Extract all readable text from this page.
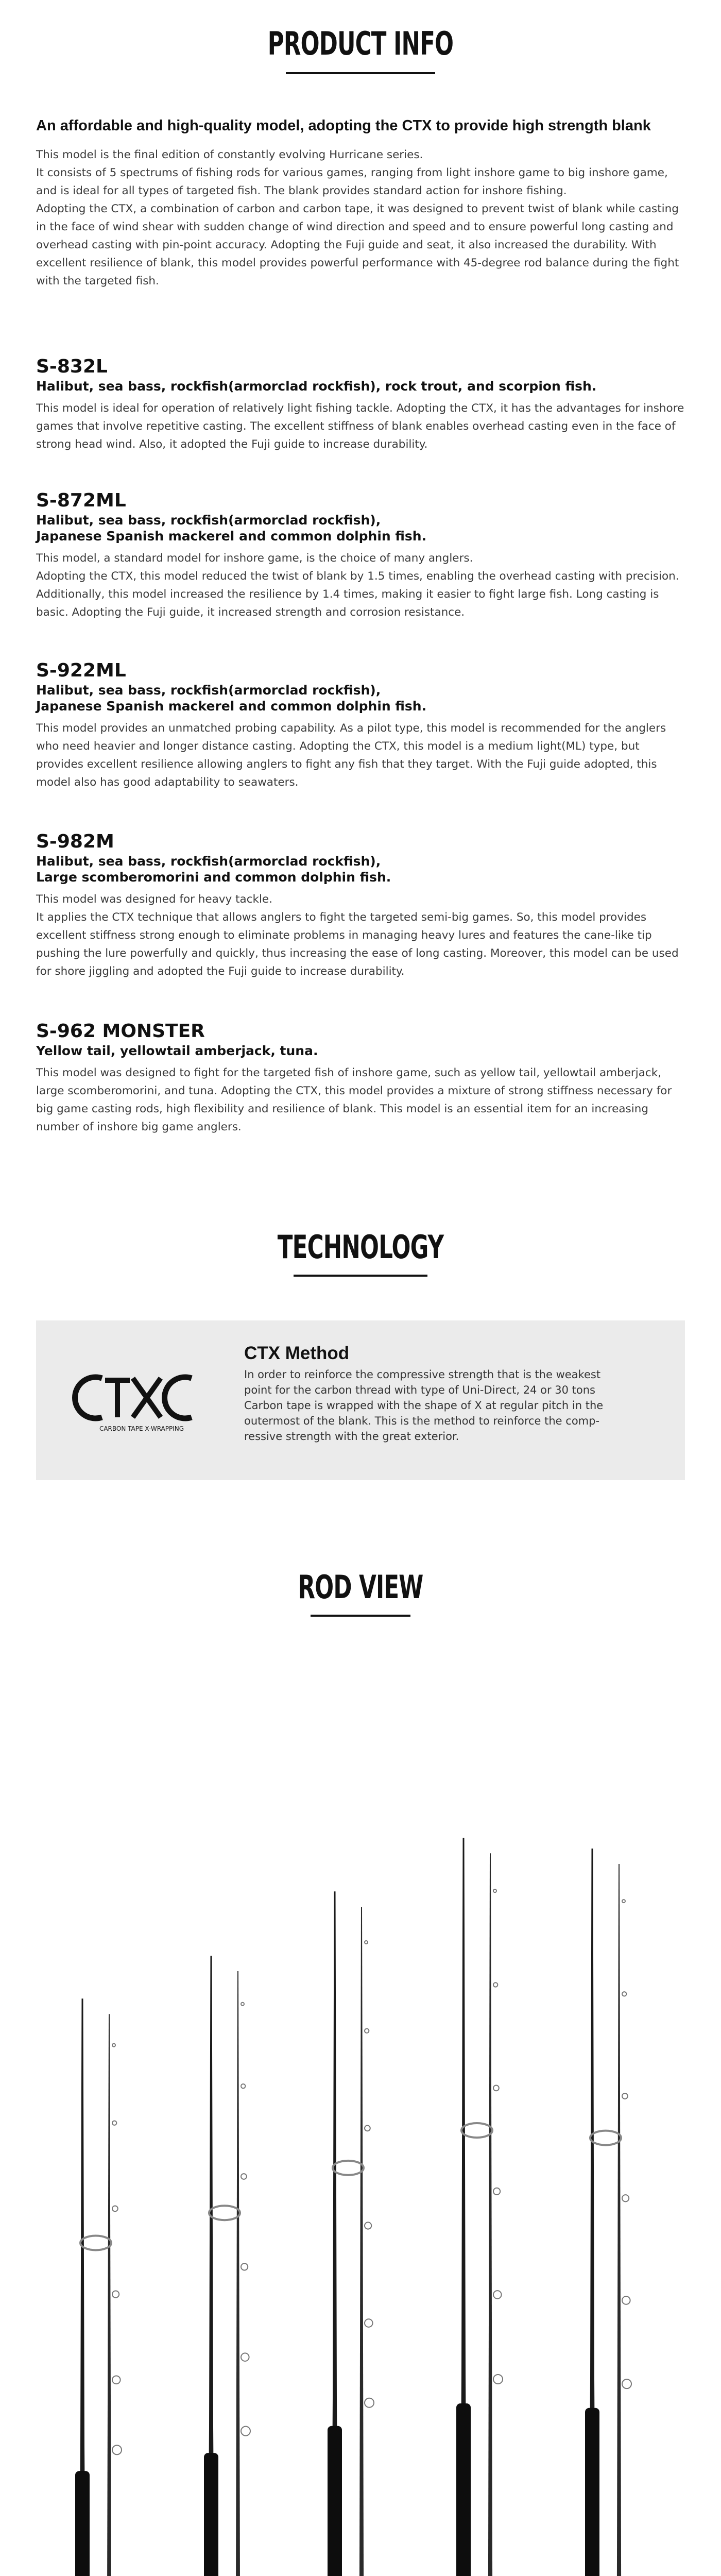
PRODUCT INFO

An affordable and high-quality model, adopting the CTX to provide high strength blank

This model is the final edition of constantly evolving Hurricane series.
It consists of 5 spectrums of fishing rods for various games, ranging from light inshore game to big inshore game, and is ideal for all types of targeted fish. The blank provides standard action for inshore fishing.
Adopting the CTX, a combination of carbon and carbon tape, it was designed to prevent twist of blank while casting in the face of wind shear with sudden change of wind direction and speed and to ensure powerful long casting and overhead casting with pin-point accuracy. Adopting the Fuji guide and seat, it also increased the durability. With excellent resilience of blank, this model provides powerful performance with 45-degree rod balance during the fight with the targeted fish.

S-832L

Halibut, sea bass, rockfish(armorclad rockfish), rock trout, and scorpion fish.

This model is ideal for operation of relatively light fishing tackle. Adopting the CTX, it has the advantages for inshore games that involve repetitive casting. The excellent stiffness of blank enables overhead casting even in the face of strong head wind. Also, it adopted the Fuji guide to increase durability.

S-872ML

Halibut, sea bass, rockfish(armorclad rockfish),
Japanese Spanish mackerel and common dolphin fish.

This model, a standard model for inshore game, is the choice of many anglers.
Adopting the CTX, this model reduced the twist of blank by 1.5 times, enabling the overhead casting with precision. Additionally, this model increased the resilience by 1.4 times, making it easier to fight large fish. Long casting is basic. Adopting the Fuji guide, it increased strength and corrosion resistance.

S-922ML

Halibut, sea bass, rockfish(armorclad rockfish),
Japanese Spanish mackerel and common dolphin fish.

This model provides an unmatched probing capability. As a pilot type, this model is recommended for the anglers who need heavier and longer distance casting. Adopting the CTX, this model is a medium light(ML) type, but provides excellent resilience allowing anglers to fight any fish that they target. With the Fuji guide adopted, this model also has good adaptability to seawaters.

S-982M

Halibut, sea bass, rockfish(armorclad rockfish),
Large scomberomorini and common dolphin fish.

This model was designed for heavy tackle.
It applies the CTX technique that allows anglers to fight the targeted semi-big games. So, this model provides excellent stiffness strong enough to eliminate problems in managing heavy lures and features the cane-like tip pushing the lure powerfully and quickly, thus increasing the ease of long casting. Moreover, this model can be used for shore jiggling and adopted the Fuji guide to increase durability.

S-962 MONSTER

Yellow tail, yellowtail amberjack, tuna.

This model was designed to fight for the targeted fish of inshore game, such as yellow tail, yellowtail amberjack, large scomberomorini, and tuna. Adopting the CTX, this model provides a mixture of strong stiffness necessary for big game casting rods, high flexibility and resilience of blank. This model is an essential item for an increasing number of inshore big game anglers.

TECHNOLOGY
CARBON TAPE X-WRAPPING

CTX Method

In order to reinforce the compressive strength that is the weakest
point for the carbon thread with type of Uni-Direct, 24 or 30 tons
Carbon tape is wrapped with the shape of X at regular pitch in the
outermost of the blank. This is the method to reinforce the comp-
ressive strength with the great exterior.

ROD VIEW
